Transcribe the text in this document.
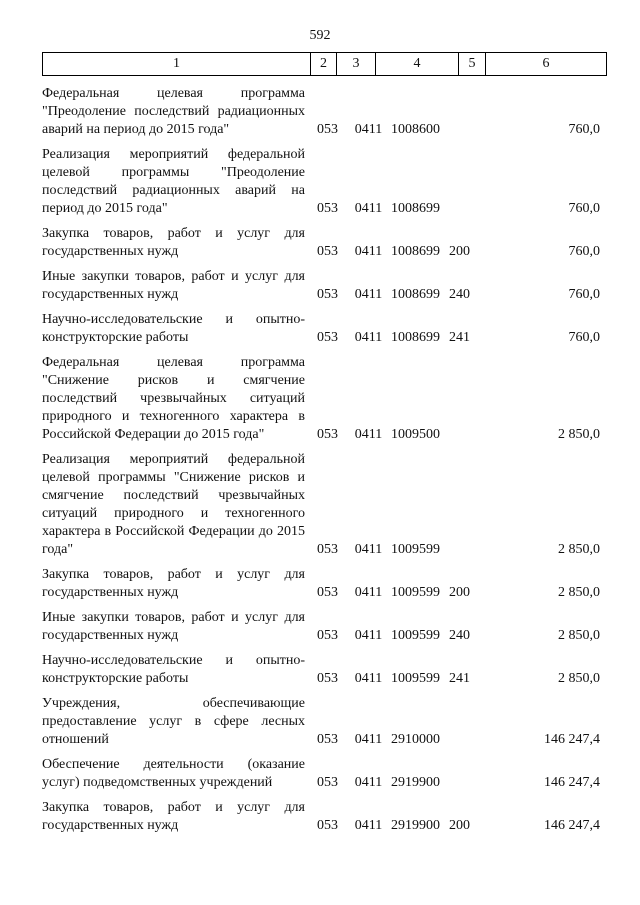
592
1	2	3	4	5	6
Федеральная целевая программа "Преодоление последствий радиационных аварий на период до 2015 года"	053	0411 1008600	760,0
Реализация мероприятий федеральной целевой программы "Преодоление последствий радиационных аварий на период до 2015 года"	053	0411 1008699	760,0
Закупка товаров, работ и услуг для государственных нужд	053	0411 1008699 200	760,0
Иные закупки товаров, работ и услуг для государственных нужд	053	0411 1008699 240	760,0
Научно-исследовательские и опытно-конструкторские работы	053	0411 1008699 241	760,0
Федеральная целевая программа "Снижение рисков и смягчение последствий чрезвычайных ситуаций природного и техногенного характера в Российской Федерации до 2015 года"	053	0411 1009500	2 850,0
Реализация мероприятий федеральной целевой программы "Снижение рисков и смягчение последствий чрезвычайных ситуаций природного и техногенного характера в Российской Федерации до 2015 года"	053	0411 1009599	2 850,0
Закупка товаров, работ и услуг для государственных нужд	053	0411 1009599 200	2 850,0
Иные закупки товаров, работ и услуг для государственных нужд	053	0411 1009599 240	2 850,0
Научно-исследовательские и опытно-конструкторские работы	053	0411 1009599 241	2 850,0
Учреждения, обеспечивающие предоставление услуг в сфере лесных отношений	053	0411 2910000	146 247,4
Обеспечение деятельности (оказание услуг) подведомственных учреждений	053	0411 2919900	146 247,4
Закупка товаров, работ и услуг для государственных нужд	053	0411 2919900 200	146 247,4
